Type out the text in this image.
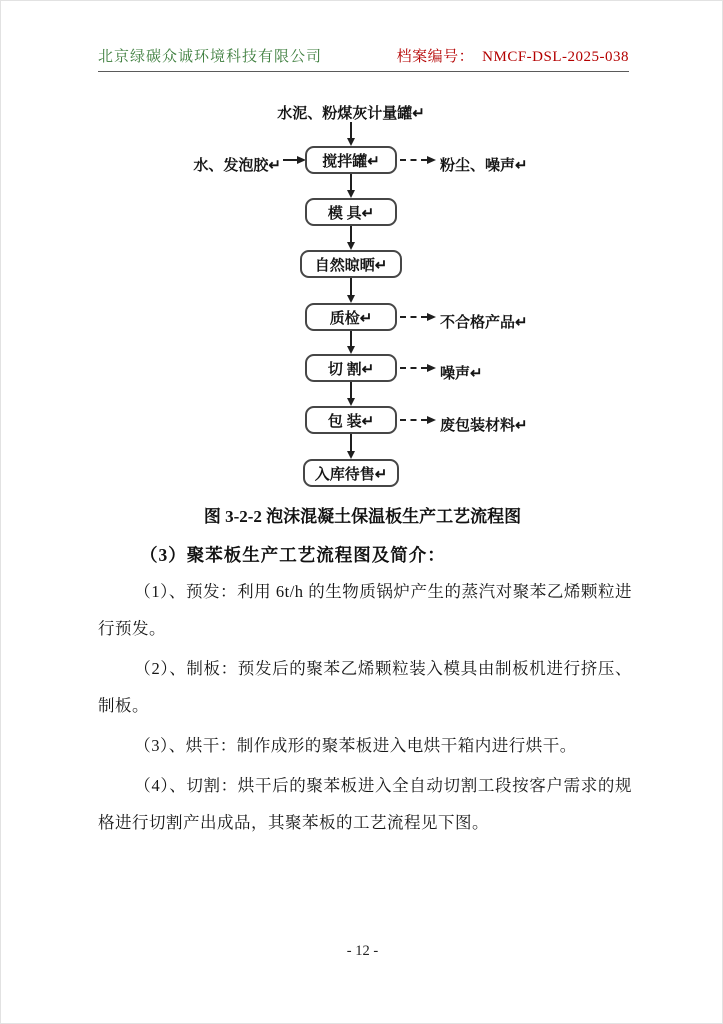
北京绿碳众诚环境科技有限公司	档案编号： NMCF-DSL-2025-038
水泥、粉煤灰计量罐↵
搅拌罐↵
模 具↵
自然晾晒↵
质检↵
切 割↵
包 装↵
入库待售↵
水、发泡胶↵	粉尘、噪声↵
不合格产品↵
噪声↵
废包装材料↵
图 3-2-2 泡沫混凝土保温板生产工艺流程图
（3）聚苯板生产工艺流程图及简介：

（1）、预发：利用 6t/h 的生物质锅炉产生的蒸汽对聚苯乙烯颗粒进行预发。

（2）、制板：预发后的聚苯乙烯颗粒装入模具由制板机进行挤压、制板。

（3）、烘干：制作成形的聚苯板进入电烘干箱内进行烘干。

（4）、切割：烘干后的聚苯板进入全自动切割工段按客户需求的规格进行切割产出成品，其聚苯板的工艺流程见下图。

- 12 -
